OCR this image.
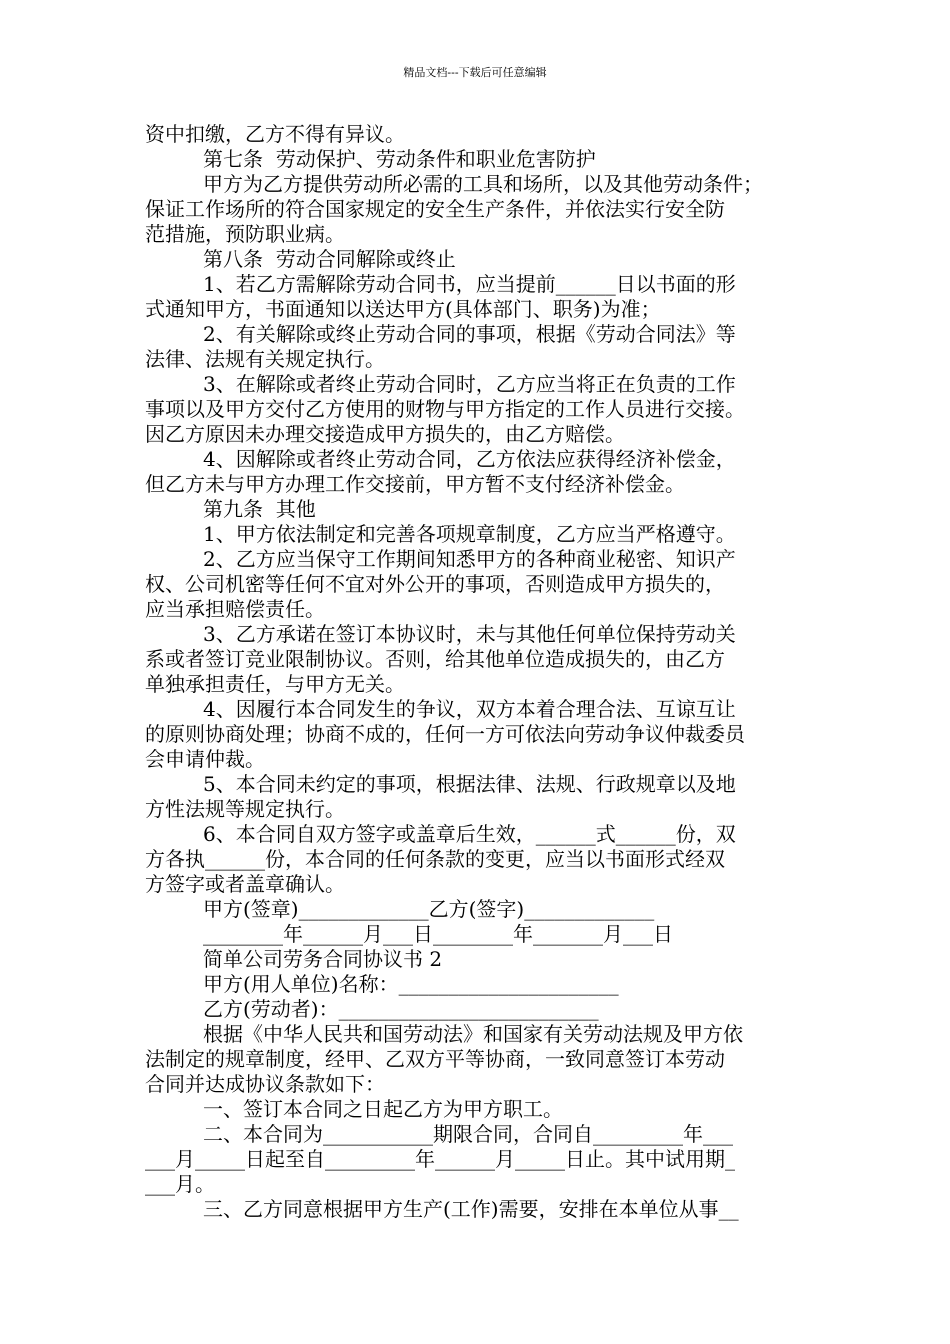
精品文档---下载后可任意编辑
资中扣缴，乙方不得有异议。
第七条  劳动保护、劳动条件和职业危害防护
甲方为乙方提供劳动所必需的工具和场所，以及其他劳动条件；
保证工作场所的符合国家规定的安全生产条件，并依法实行安全防
范措施，预防职业病。
第八条  劳动合同解除或终止
1、若乙方需解除劳动合同书，应当提前______日以书面的形
式通知甲方，书面通知以送达甲方(具体部门、职务)为准；
2、有关解除或终止劳动合同的事项，根据《劳动合同法》等
法律、法规有关规定执行。
3、在解除或者终止劳动合同时，乙方应当将正在负责的工作
事项以及甲方交付乙方使用的财物与甲方指定的工作人员进行交接。
因乙方原因未办理交接造成甲方损失的，由乙方赔偿。
4、因解除或者终止劳动合同，乙方依法应获得经济补偿金，
但乙方未与甲方办理工作交接前，甲方暂不支付经济补偿金。
第九条  其他
1、甲方依法制定和完善各项规章制度，乙方应当严格遵守。
2、乙方应当保守工作期间知悉甲方的各种商业秘密、知识产
权、公司机密等任何不宜对外公开的事项，否则造成甲方损失的，
应当承担赔偿责任。
3、乙方承诺在签订本协议时，未与其他任何单位保持劳动关
系或者签订竞业限制协议。否则，给其他单位造成损失的，由乙方
单独承担责任，与甲方无关。
4、因履行本合同发生的争议，双方本着合理合法、互谅互让
的原则协商处理；协商不成的，任何一方可依法向劳动争议仲裁委员
会申请仲裁。
5、本合同未约定的事项，根据法律、法规、行政规章以及地
方性法规等规定执行。
6、本合同自双方签字或盖章后生效，______式______份，双
方各执______份，本合同的任何条款的变更，应当以书面形式经双
方签字或者盖章确认。
甲方(签章)_____________乙方(签字)_____________
________年______月___日________年_______月___日
简单公司劳务合同协议书 2
甲方(用人单位)名称：______________________
乙方(劳动者)：__________________________
根据《中华人民共和国劳动法》和国家有关劳动法规及甲方依
法制定的规章制度，经甲、乙双方平等协商，一致同意签订本劳动
合同并达成协议条款如下：
一、签订本合同之日起乙方为甲方职工。
二、本合同为___________期限合同，合同自_________年___
___月_____日起至自_________年______月_____日止。其中试用期_
___月。
三、乙方同意根据甲方生产(工作)需要，安排在本单位从事__
